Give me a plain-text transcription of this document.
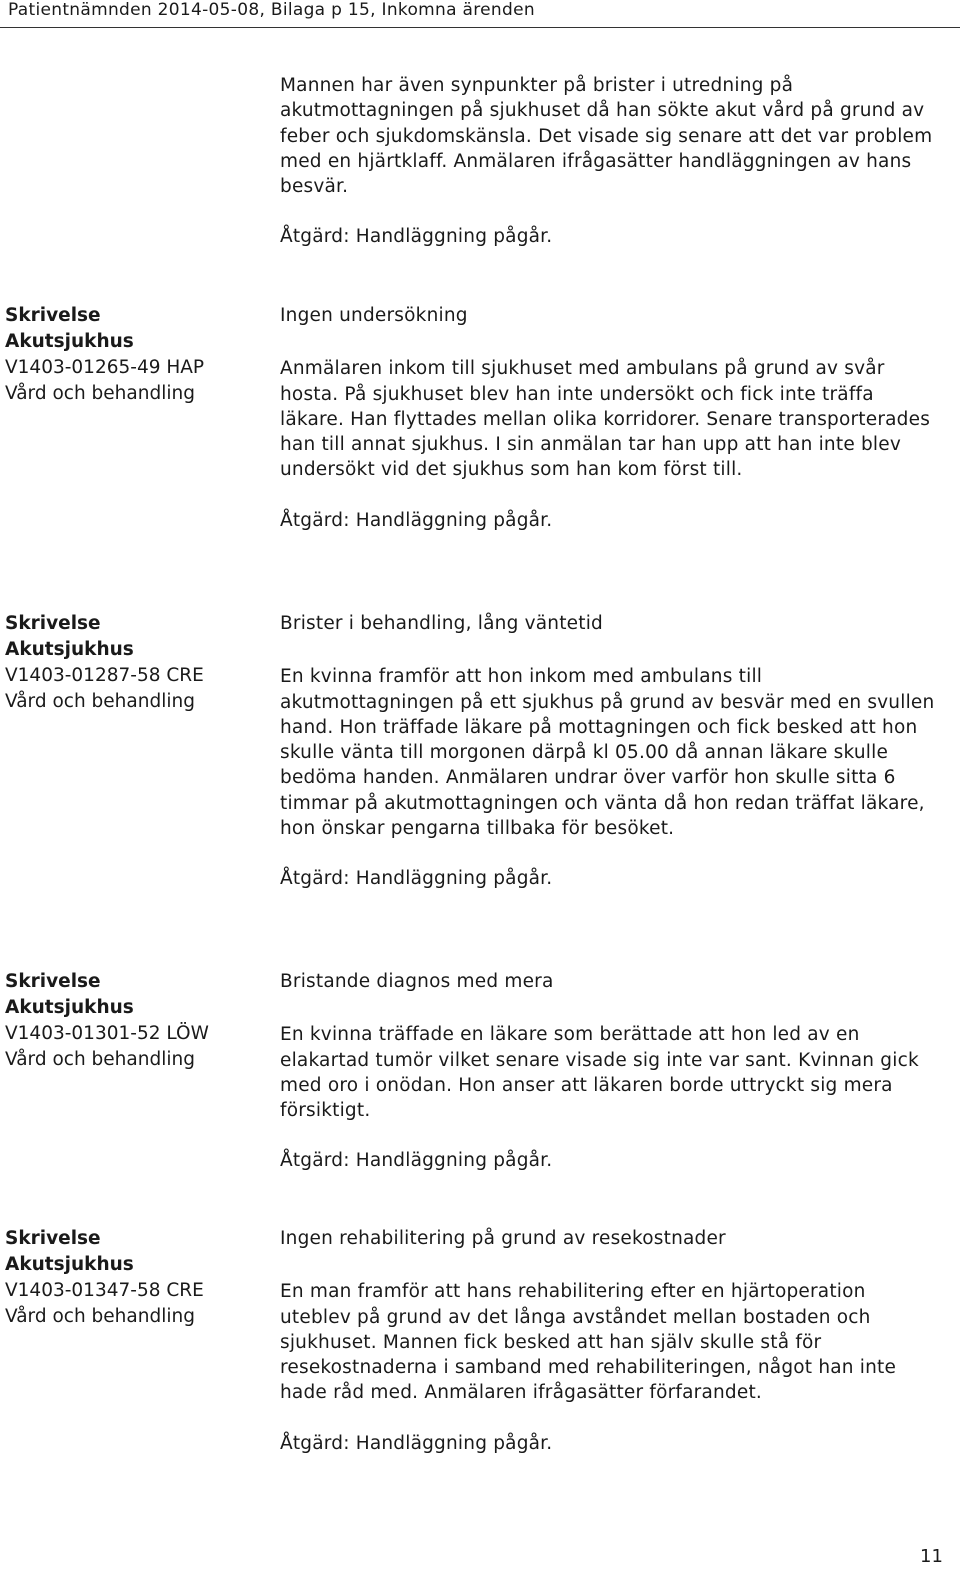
Patientnämnden 2014-05-08, Bilaga p 15, Inkomna ärenden

Mannen har även synpunkter på brister i utredning på akutmottagningen på sjukhuset då han sökte akut vård på grund av feber och sjukdomskänsla. Det visade sig senare att det var problem med en hjärtklaff. Anmälaren ifrågasätter handläggningen av hans besvär.

Åtgärd: Handläggning pågår.

Skrivelse
Akutsjukhus
V1403-01265-49 HAP
Vård och behandling

Ingen undersökning

Anmälaren inkom till sjukhuset med ambulans på grund av svår hosta. På sjukhuset blev han inte undersökt och fick inte träffa läkare. Han flyttades mellan olika korridorer. Senare transporterades han till annat sjukhus. I sin anmälan tar han upp att han inte blev undersökt vid det sjukhus som han kom först till.

Åtgärd: Handläggning pågår.

Skrivelse
Akutsjukhus
V1403-01287-58 CRE
Vård och behandling

Brister i behandling, lång väntetid

En kvinna framför att hon inkom med ambulans till akutmottagningen på ett sjukhus på grund av besvär med en svullen hand. Hon träffade läkare på mottagningen och fick besked att hon skulle vänta till morgonen därpå kl 05.00 då annan läkare skulle bedöma handen. Anmälaren undrar över varför hon skulle sitta 6 timmar på akutmottagningen och vänta då hon redan träffat läkare, hon önskar pengarna tillbaka för besöket.

Åtgärd: Handläggning pågår.

Skrivelse
Akutsjukhus
V1403-01301-52 LÖW
Vård och behandling

Bristande diagnos med mera

En kvinna träffade en läkare som berättade att hon led av en elakartad tumör vilket senare visade sig inte var sant. Kvinnan gick med oro i onödan. Hon anser att läkaren borde uttryckt sig mera försiktigt.

Åtgärd: Handläggning pågår.

Skrivelse
Akutsjukhus
V1403-01347-58 CRE
Vård och behandling

Ingen rehabilitering på grund av resekostnader

En man framför att hans rehabilitering efter en hjärtoperation uteblev på grund av det långa avståndet mellan bostaden och sjukhuset. Mannen fick besked att han själv skulle stå för resekostnaderna i samband med rehabiliteringen, något han inte hade råd med. Anmälaren ifrågasätter förfarandet.

Åtgärd: Handläggning pågår.

11
